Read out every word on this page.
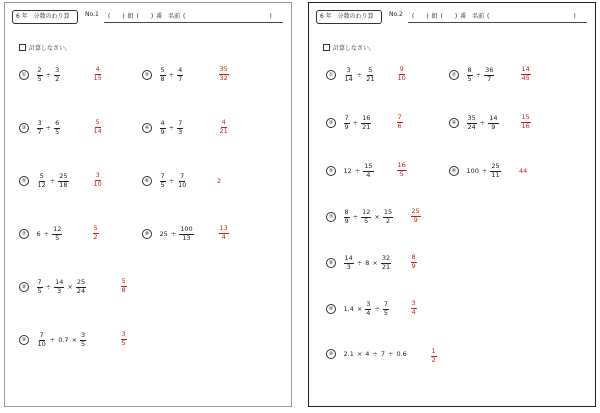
6 年 分数のわり算	No.1 (　　) 組 (　　) 番　名前 (　　　　　　　　　　　　　　)
計算しなさい。
①	$\frac{2}{5} \div \frac{3}{2}$	$\frac{4}{15}$	②	$\frac{5}{8} \div \frac{4}{7}$	$\frac{35}{32}$
③	$\frac{3}{7} \div \frac{6}{5}$	$\frac{5}{14}$	④	$\frac{4}{9} \div \frac{7}{3}$	$\frac{4}{21}$
⑤	$\frac{5}{12} \div \frac{25}{18}$	$\frac{3}{10}$	⑥	$\frac{7}{5} \div \frac{7}{10}$	2
⑦	$6 \div \frac{12}{5}$	$\frac{5}{2}$	⑧	$25 \div \frac{100}{13}$	$\frac{13}{4}$
⑨	$\frac{7}{5} \div \frac{14}{3} \times \frac{25}{24}$	$\frac{5}{8}$
⑩	$\frac{7}{10} \div 0.7 \times \frac{3}{5}$	$\frac{3}{5}$
6 年 分数のわり算	No.2 (　　) 組 (　　) 番　名前 (　　　　　　　　　　　　　　)
計算しなさい。
①	$\frac{3}{14} \div \frac{5}{21}$	$\frac{9}{10}$	②	$\frac{8}{5} \div \frac{36}{7}$	$\frac{14}{45}$
③	$\frac{7}{9} \div \frac{16}{21}$	$\frac{7}{6}$	④	$\frac{35}{24} \div \frac{14}{9}$	$\frac{15}{16}$
⑤	$12 \div \frac{15}{4}$	$\frac{16}{5}$	⑥	$100 \div \frac{25}{11}$	44
⑦	$\frac{8}{9} \div \frac{12}{5} \times \frac{15}{2}$	$\frac{25}{9}$
⑧	$\frac{14}{3} \div 8 \times \frac{32}{21}$	$\frac{8}{9}$
⑨	$1.4 \times \frac{3}{4} \div \frac{7}{5}$	$\frac{3}{4}$
⑩	2.1 × 4 ÷ 7 ÷ 0.6	$\frac{1}{2}$
